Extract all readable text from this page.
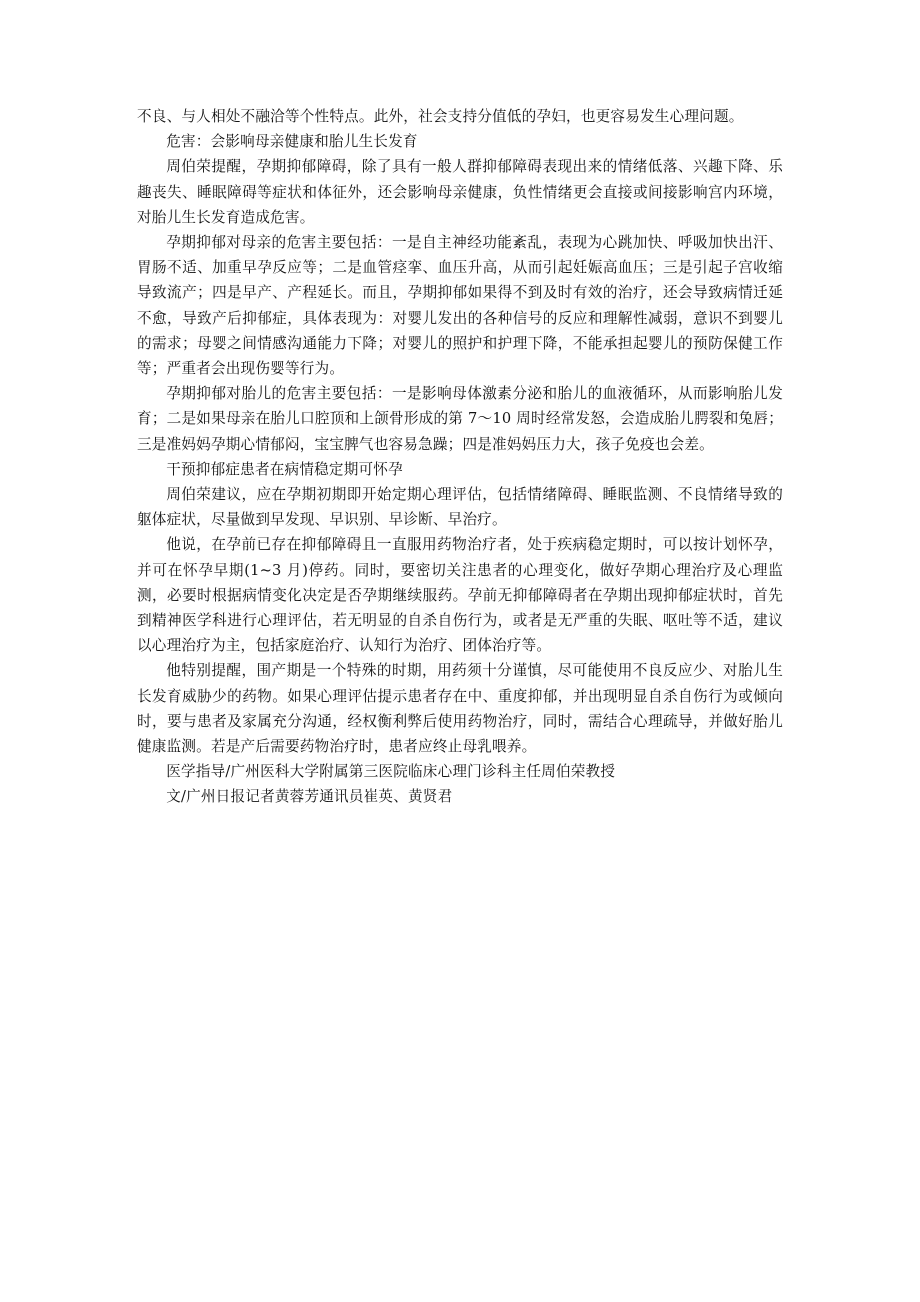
不良、与人相处不融洽等个性特点。此外，社会支持分值低的孕妇，也更容易发生心理问题。

危害：会影响母亲健康和胎儿生长发育

周伯荣提醒，孕期抑郁障碍，除了具有一般人群抑郁障碍表现出来的情绪低落、兴趣下降、乐趣丧失、睡眠障碍等症状和体征外，还会影响母亲健康，负性情绪更会直接或间接影响宫内环境，对胎儿生长发育造成危害。

孕期抑郁对母亲的危害主要包括：一是自主神经功能紊乱，表现为心跳加快、呼吸加快出汗、胃肠不适、加重早孕反应等；二是血管痉挛、血压升高，从而引起妊娠高血压；三是引起子宫收缩导致流产；四是早产、产程延长。而且，孕期抑郁如果得不到及时有效的治疗，还会导致病情迁延不愈，导致产后抑郁症，具体表现为：对婴儿发出的各种信号的反应和理解性减弱，意识不到婴儿的需求；母婴之间情感沟通能力下降；对婴儿的照护和护理下降，不能承担起婴儿的预防保健工作等；严重者会出现伤婴等行为。

孕期抑郁对胎儿的危害主要包括：一是影响母体激素分泌和胎儿的血液循环，从而影响胎儿发育；二是如果母亲在胎儿口腔顶和上颌骨形成的第 7～10 周时经常发怒，会造成胎儿腭裂和兔唇；三是准妈妈孕期心情郁闷，宝宝脾气也容易急躁；四是准妈妈压力大，孩子免疫也会差。

干预抑郁症患者在病情稳定期可怀孕

周伯荣建议，应在孕期初期即开始定期心理评估，包括情绪障碍、睡眠监测、不良情绪导致的躯体症状，尽量做到早发现、早识别、早诊断、早治疗。

他说，在孕前已存在抑郁障碍且一直服用药物治疗者，处于疾病稳定期时，可以按计划怀孕，并可在怀孕早期(1~3 月)停药。同时，要密切关注患者的心理变化，做好孕期心理治疗及心理监测，必要时根据病情变化决定是否孕期继续服药。孕前无抑郁障碍者在孕期出现抑郁症状时，首先到精神医学科进行心理评估，若无明显的自杀自伤行为，或者是无严重的失眠、呕吐等不适，建议以心理治疗为主，包括家庭治疗、认知行为治疗、团体治疗等。

他特别提醒，围产期是一个特殊的时期，用药须十分谨慎，尽可能使用不良反应少、对胎儿生长发育威胁少的药物。如果心理评估提示患者存在中、重度抑郁，并出现明显自杀自伤行为或倾向时，要与患者及家属充分沟通，经权衡利弊后使用药物治疗，同时，需结合心理疏导，并做好胎儿健康监测。若是产后需要药物治疗时，患者应终止母乳喂养。

医学指导/广州医科大学附属第三医院临床心理门诊科主任周伯荣教授

文/广州日报记者黄蓉芳通讯员崔英、黄贤君
